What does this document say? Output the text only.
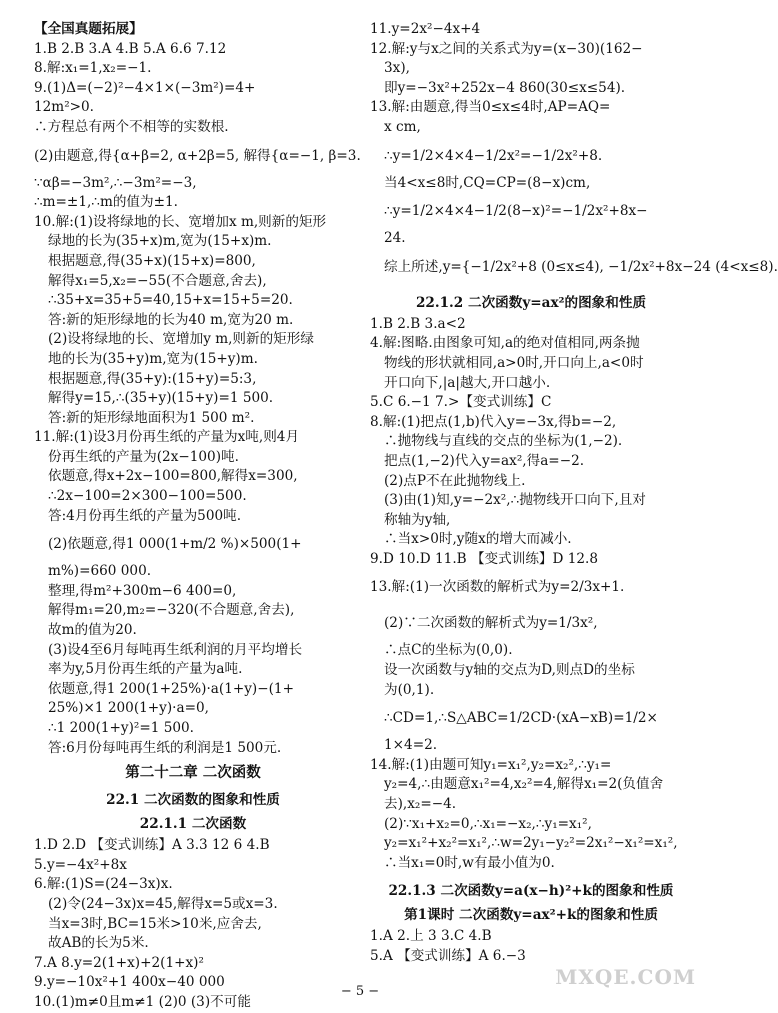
【全国真题拓展】
1.B 2.B 3.A 4.B 5.A 6.6 7.12
8.解:x₁=1,x₂=−1.
9.(1)Δ=(−2)²−4×1×(−3m²)=4+
12m²>0.
∴方程总有两个不相等的实数根.
(2)由题意,得{α+β=2, α+2β=5, 解得{α=−1, β=3.
∵αβ=−3m²,∴−3m²=−3,
∴m=±1,∴m的值为±1.
10.解:(1)设将绿地的长、宽增加x m,则新的矩形
绿地的长为(35+x)m,宽为(15+x)m.
根据题意,得(35+x)(15+x)=800,
解得x₁=5,x₂=−55(不合题意,舍去),
∴35+x=35+5=40,15+x=15+5=20.
答:新的矩形绿地的长为40 m,宽为20 m.
(2)设将绿地的长、宽增加y m,则新的矩形绿
地的长为(35+y)m,宽为(15+y)m.
根据题意,得(35+y):(15+y)=5:3,
解得y=15,∴(35+y)(15+y)=1 500.
答:新的矩形绿地面积为1 500 m².
11.解:(1)设3月份再生纸的产量为x吨,则4月
份再生纸的产量为(2x−100)吨.
依题意,得x+2x−100=800,解得x=300,
∴2x−100=2×300−100=500.
答:4月份再生纸的产量为500吨.
(2)依题意,得1 000(1+m/2 %)×500(1+
m%)=660 000.
整理,得m²+300m−6 400=0,
解得m₁=20,m₂=−320(不合题意,舍去),
故m的值为20.
(3)设4至6月每吨再生纸利润的月平均增长
率为y,5月份再生纸的产量为a吨.
依题意,得1 200(1+25%)·a(1+y)−(1+
25%)×1 200(1+y)·a=0,
∴1 200(1+y)²=1 500.
答:6月份每吨再生纸的利润是1 500元.
第二十二章 二次函数
22.1 二次函数的图象和性质
22.1.1 二次函数
1.D 2.D 【变式训练】A 3.3 12 6 4.B
5.y=−4x²+8x
6.解:(1)S=(24−3x)x.
(2)令(24−3x)x=45,解得x=5或x=3.
当x=3时,BC=15米>10米,应舍去,
故AB的长为5米.
7.A 8.y=2(1+x)+2(1+x)²
9.y=−10x²+1 400x−40 000
10.(1)m≠0且m≠1 (2)0 (3)不可能
11.y=2x²−4x+4
12.解:y与x之间的关系式为y=(x−30)(162−
3x),
即y=−3x²+252x−4 860(30≤x≤54).
13.解:由题意,得当0≤x≤4时,AP=AQ=
x cm,
∴y=1/2×4×4−1/2x²=−1/2x²+8.
当4<x≤8时,CQ=CP=(8−x)cm,
∴y=1/2×4×4−1/2(8−x)²=−1/2x²+8x−
24.
综上所述,y={−1/2x²+8 (0≤x≤4), −1/2x²+8x−24 (4<x≤8).
22.1.2 二次函数y=ax²的图象和性质
1.B 2.B 3.a<2
4.解:图略.由图象可知,a的绝对值相同,两条抛
物线的形状就相同,a>0时,开口向上,a<0时
开口向下,|a|越大,开口越小.
5.C 6.−1 7.>【变式训练】C
8.解:(1)把点(1,b)代入y=−3x,得b=−2,
∴抛物线与直线的交点的坐标为(1,−2).
把点(1,−2)代入y=ax²,得a=−2.
(2)点P不在此抛物线上.
(3)由(1)知,y=−2x²,∴抛物线开口向下,且对
称轴为y轴,
∴当x>0时,y随x的增大而减小.
9.D 10.D 11.B 【变式训练】D 12.8
13.解:(1)一次函数的解析式为y=2/3x+1.
(2)∵二次函数的解析式为y=1/3x²,
∴点C的坐标为(0,0).
设一次函数与y轴的交点为D,则点D的坐标
为(0,1).
∴CD=1,∴S△ABC=1/2CD·(xA−xB)=1/2×
1×4=2.
14.解:(1)由题可知y₁=x₁²,y₂=x₂²,∴y₁=
y₂=4,∴由题意x₁²=4,x₂²=4,解得x₁=2(负值舍
去),x₂=−4.
(2)∵x₁+x₂=0,∴x₁=−x₂,∴y₁=x₁²,
y₂=x₁²+x₂²=x₁²,∴w=2y₁−y₂²=2x₁²−x₁²=x₁²,
∴当x₁=0时,w有最小值为0.
22.1.3 二次函数y=a(x−h)²+k的图象和性质
第1课时 二次函数y=ax²+k的图象和性质
1.A 2.上 3 3.C 4.B
5.A 【变式训练】A 6.−3
MXQE.COM
− 5 −
